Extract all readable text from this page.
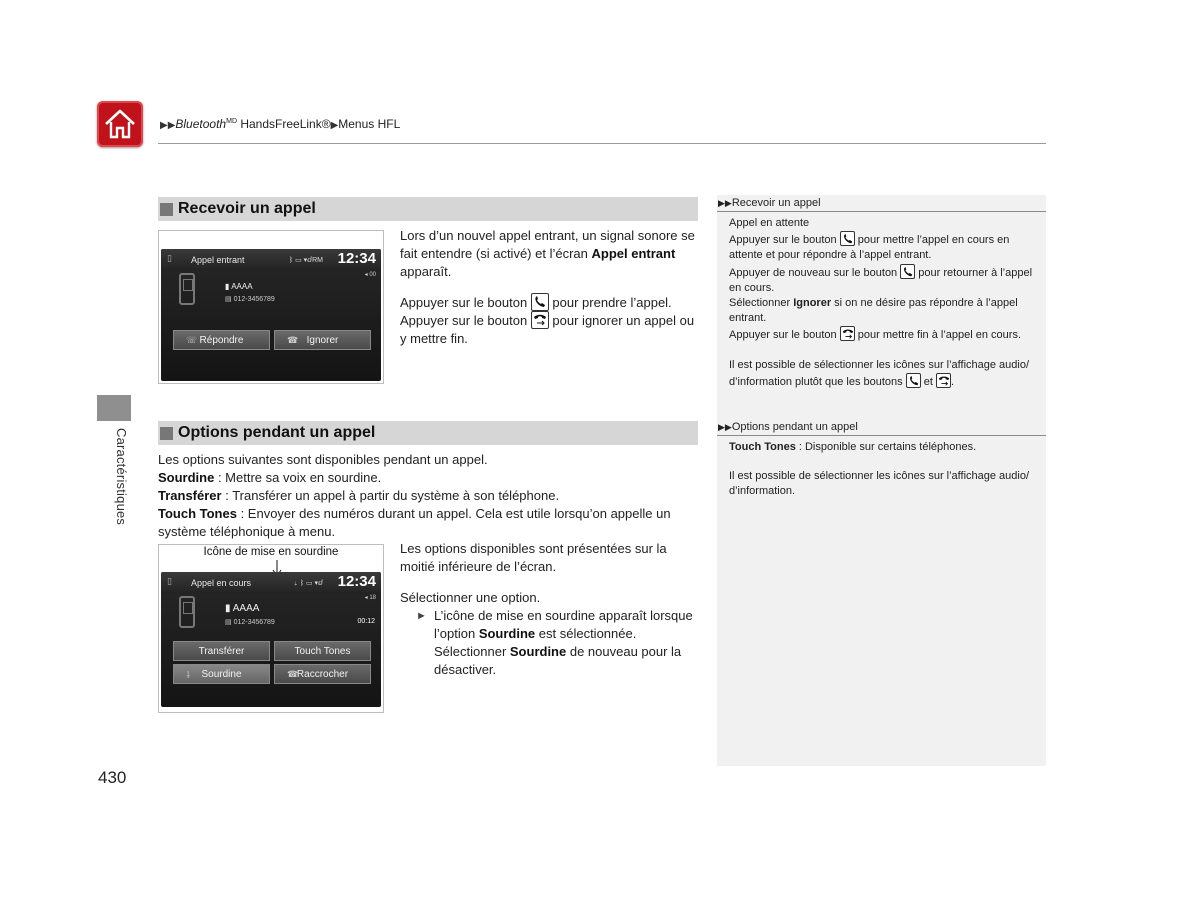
▶▶Bluetooth$^{MD}$ HandsFreeLink®▶Menus HFL
Caractéristiques
Recevoir un appel
▯ Appel entrant	ᛒ ▭ ▾ⅆRM 12:34
◂ 00
▮ AAAA
▤ 012-3456789
☏ Répondre	☎ Ignorer
Lors d’un nouvel appel entrant, un signal sonore se fait entendre (si activé) et l’écran Appel entrant apparaît.
Appuyer sur le bouton
pour prendre l’appel.
Appuyer sur le bouton
pour ignorer un appel ou y mettre fin.
Options pendant un appel
Les options suivantes sont disponibles pendant un appel.
Sourdine : Mettre sa voix en sourdine.
Transférer : Transférer un appel à partir du système à son téléphone.
Touch Tones : Envoyer des numéros durant un appel. Cela est utile lorsqu’on appelle un système téléphonique à menu.
Icône de mise en sourdine
▯ Appel en cours	⸸ ᛒ ▭ ▾ⅆ 12:34
◂ 18
▮ AAAA
▤ 012-3456789	00:12
Transférer	Touch Tones
⸸ Sourdine	☎
Raccrocher
Les options disponibles sont présentées sur la moitié inférieure de l’écran.
Sélectionner une option.
► L’icône de mise en sourdine apparaît lorsque l’option Sourdine est sélectionnée.
Sélectionner Sourdine de nouveau pour la désactiver.
▶▶Recevoir un appel
Appel en attente
Appuyer sur le bouton
pour mettre l’appel en cours en attente et pour répondre à l’appel entrant.
Appuyer de nouveau sur le bouton
pour retourner à l’appel en cours.
Sélectionner Ignorer si on ne désire pas répondre à l’appel entrant.
Appuyer sur le bouton
pour mettre fin à l’appel en cours.
Il est possible de sélectionner les icônes sur l’affichage audio/ d’information plutôt que les boutons
et
.
▶▶Options pendant un appel
Touch Tones : Disponible sur certains téléphones.
Il est possible de sélectionner les icônes sur l’affichage audio/ d’information.
430
